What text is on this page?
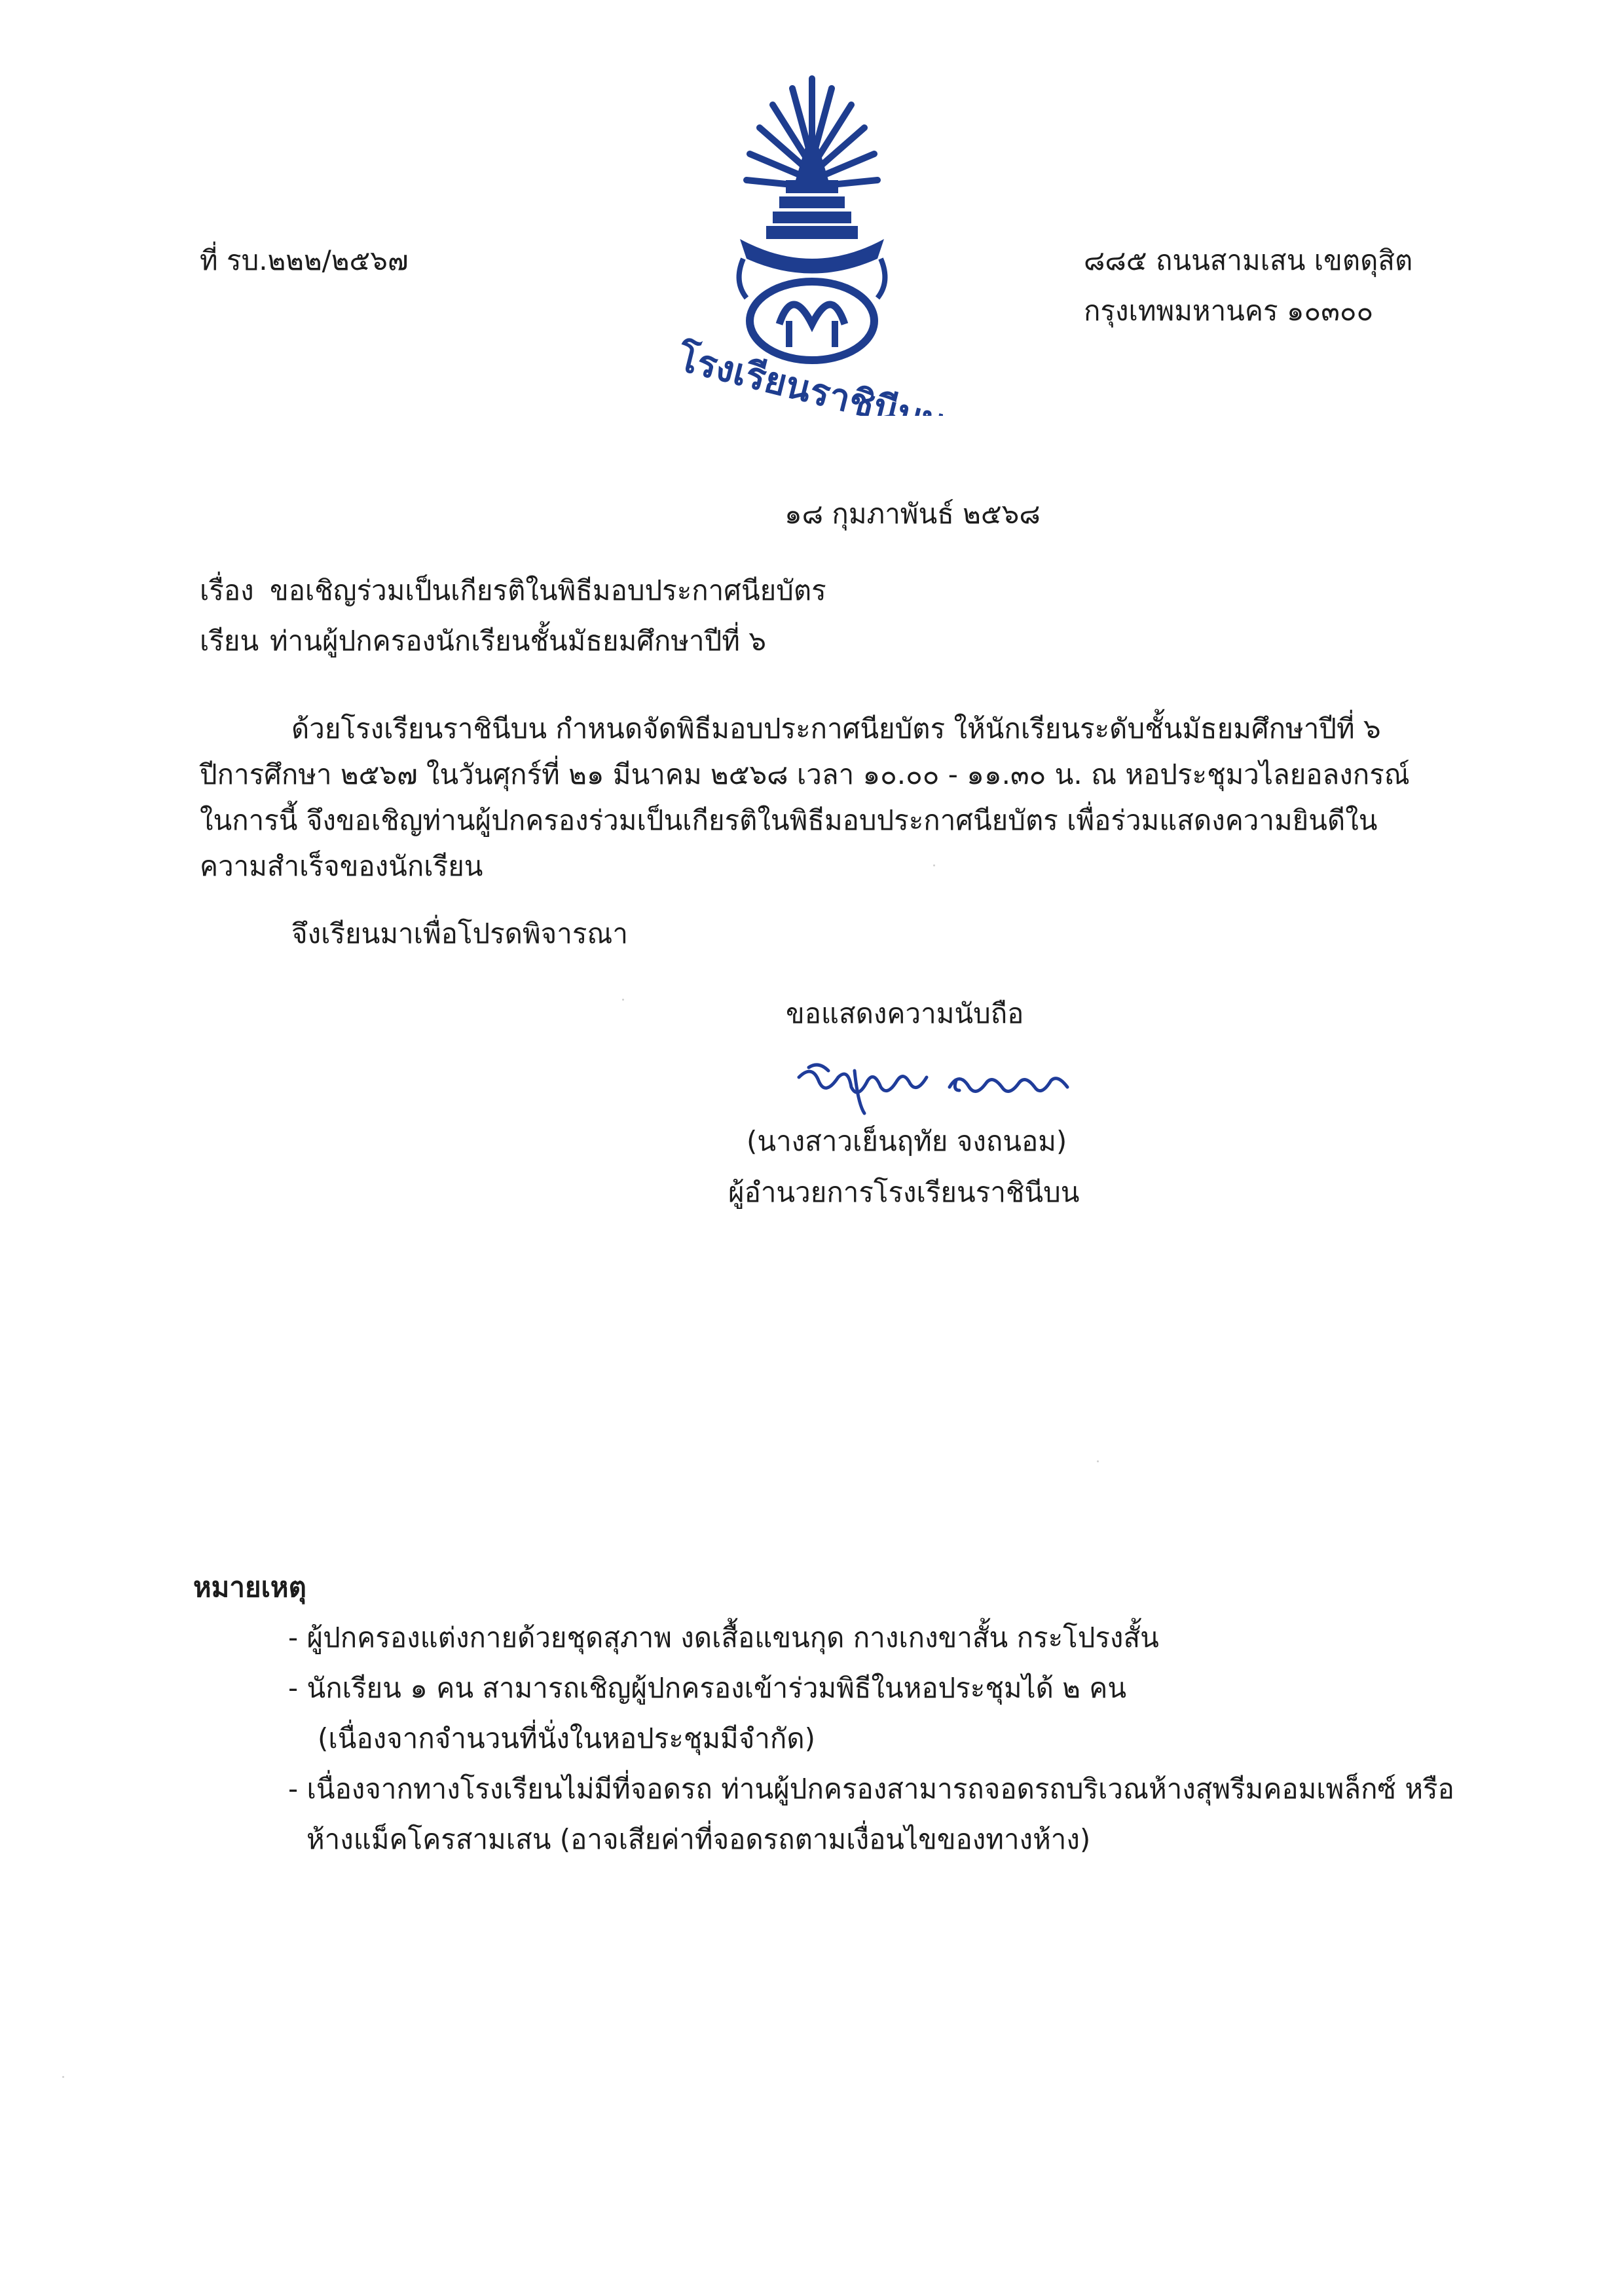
ที่ รบ.๒๒๒/๒๕๖๗
โรงเรียนราชินีบน
๘๘๕ ถนนสามเสน เขตดุสิต
กรุงเทพมหานคร ๑๐๓๐๐
๑๘ กุมภาพันธ์ ๒๕๖๘
เรื่อง ขอเชิญร่วมเป็นเกียรติในพิธีมอบประกาศนียบัตร
เรียน ท่านผู้ปกครองนักเรียนชั้นมัธยมศึกษาปีที่ ๖
ด้วยโรงเรียนราชินีบน กำหนดจัดพิธีมอบประกาศนียบัตร ให้นักเรียนระดับชั้นมัธยมศึกษาปีที่ ๖
ปีการศึกษา ๒๕๖๗ ในวันศุกร์ที่ ๒๑ มีนาคม ๒๕๖๘ เวลา ๑๐.๐๐ - ๑๑.๓๐ น. ณ หอประชุมวไลยอลงกรณ์
ในการนี้ จึงขอเชิญท่านผู้ปกครองร่วมเป็นเกียรติในพิธีมอบประกาศนียบัตร เพื่อร่วมแสดงความยินดีใน
ความสำเร็จของนักเรียน
จึงเรียนมาเพื่อโปรดพิจารณา
ขอแสดงความนับถือ
(นางสาวเย็นฤทัย จงถนอม)
ผู้อำนวยการโรงเรียนราชินีบน
หมายเหตุ
- ผู้ปกครองแต่งกายด้วยชุดสุภาพ งดเสื้อแขนกุด กางเกงขาสั้น กระโปรงสั้น
- นักเรียน ๑ คน สามารถเชิญผู้ปกครองเข้าร่วมพิธีในหอประชุมได้ ๒ คน
(เนื่องจากจำนวนที่นั่งในหอประชุมมีจำกัด)
- เนื่องจากทางโรงเรียนไม่มีที่จอดรถ ท่านผู้ปกครองสามารถจอดรถบริเวณห้างสุพรีมคอมเพล็กซ์ หรือ
ห้างแม็คโครสามเสน (อาจเสียค่าที่จอดรถตามเงื่อนไขของทางห้าง)
